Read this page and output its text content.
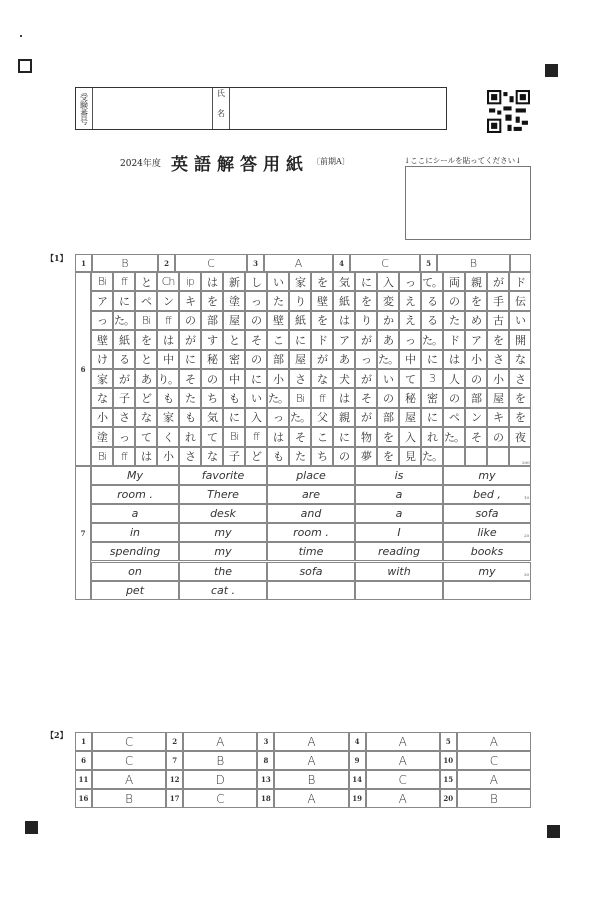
受験番号	氏名
2024年度 英語解答用紙 〔前期A〕	↓ここにシールを貼ってください↓
【1】	1	B	2	C	3	A	4	C	5	B
6
Bi	ff	と Ch	ip	は	新	し	い	家	を	気	に	入	っ て。 両	親	が	ド
ア	に	ペ	ン	キ	を	塗	っ	た	り	壁	紙	を	変	え	る	の	を	手	伝
っ た。 Bi	ff	の	部	屋	の	壁	紙	を	は	り	か	え	る	た	め	古	い
壁	紙	を	は	が	す	と	そ	こ	に	ド	ア	が	あ	っ た。 ド	ア	を	開
け	る	と	中	に	秘	密	の	部	屋	が	あ	っ た。 中	に	は	小	さ	な
家	が	あ り。 そ	の	中	に	小	さ	な	犬	が	い	て	3	人	の	小	さ
な	子	ど	も	た	ち	も	い た。 Bi	ff	は	そ	の	秘	密	の	部	屋	を
小	さ	な	家	も	気	に	入	っ た。 父	親	が	部	屋	に	ペ	ン	キ	を
塗	っ	て	く	れ	て	Bi	ff	は	そ	こ	に	物	を	入	れ た。 そ	の	夜
Bi	ff	は	小	さ	な	子	ど	も	た	ち	の	夢	を	見 た。	200
7
My	favorite	place	is	my
room .	There	are	a	bed ,	10
a	desk	and	a	sofa
in	my	room .	I	like	20
spending	my	time	reading	books
on	the	sofa	with	my	30
pet	cat .
【2】
1	C	2	A	3	A	4	A	5	A
6	C	7	B	8	A	9	A	10	C
11	A	12	D	13	B	14	C	15	A
16	B	17	C	18	A	19	A	20	B
